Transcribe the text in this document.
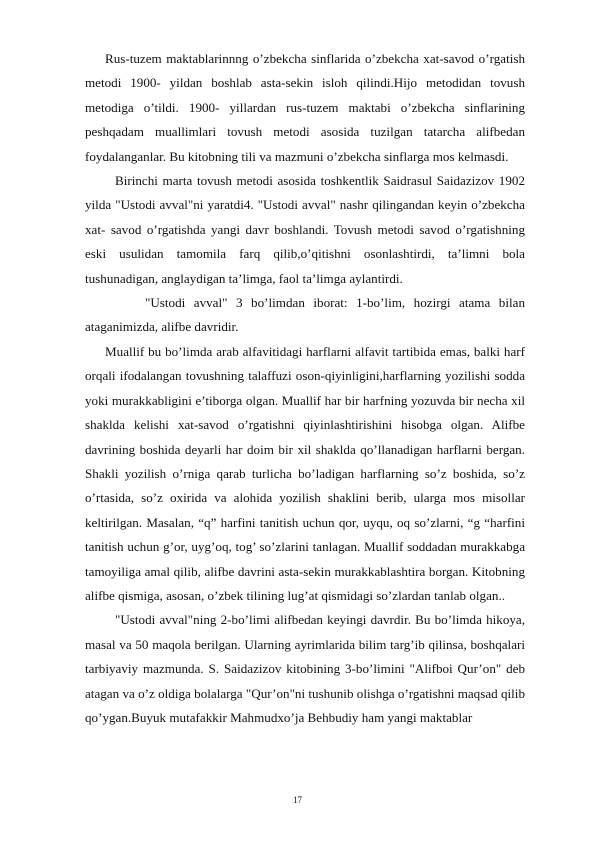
Rus-tuzem maktablarinnng o’zbekcha sinflarida o’zbekcha xat-savod o’rgatish metodi 1900- yildan boshlab asta-sekin isloh qilindi.Hijo metodidan tovush metodiga o’tildi. 1900- yillardan rus-tuzem maktabi o’zbekcha sinflarining peshqadam muallimlari tovush metodi asosida tuzilgan tatarcha alifbedan foydalanganlar. Bu kitobning tili va mazmuni o’zbekcha sinflarga mos kelmasdi.

Birinchi marta tovush metodi asosida toshkentlik Saidrasul Saidazizov 1902 yilda "Ustodi avval"ni yaratdi4. "Ustodi avval" nashr qilingandan keyin o’zbekcha xat- savod o’rgatishda yangi davr boshlandi. Tovush metodi savod o’rgatishning eski usulidan tamomila farq qilib,o’qitishni osonlashtirdi, ta’limni bola tushunadigan, anglaydigan ta’limga, faol ta’limga aylantirdi.

"Ustodi avval" 3 bo’limdan iborat: 1-bo’lim, hozirgi atama bilan ataganimizda, alifbe davridir.

Muallif bu bo’limda arab alfavitidagi harflarni alfavit tartibida emas, balki harf orqali ifodalangan tovushning talaffuzi oson-qiyinligini,harflarning yozilishi sodda yoki murakkabligini e’tiborga olgan. Muallif har bir harfning yozuvda bir necha xil shaklda kelishi xat-savod o’rgatishni qiyinlashtirishini hisobga olgan. Alifbe davrining boshida deyarli har doim bir xil shaklda qo’llanadigan harflarni bergan. Shakli yozilish o’rniga qarab turlicha bo’ladigan harflarning so’z boshida, so’z o’rtasida, so’z oxirida va alohida yozilish shaklini berib, ularga mos misollar keltirilgan. Masalan, “q” harfini tanitish uchun qor, uyqu, oq so’zlarni, “g “harfini tanitish uchun g’or, uyg’oq, tog’ so’zlarini tanlagan. Muallif soddadan murakkabga tamoyiliga amal qilib, alifbe davrini asta-sekin murakkablashtira borgan. Kitobning alifbe qismiga, asosan, o’zbek tilining lug’at qismidagi so’zlardan tanlab olgan..

"Ustodi avval"ning 2-bo’limi alifbedan keyingi davrdir. Bu bo’limda hikoya, masal va 50 maqola berilgan. Ularning ayrimlarida bilim targ’ib qilinsa, boshqalari tarbiyaviy mazmunda. S. Saidazizov kitobining 3-bo’limini "Alifboi Qur’on" deb atagan va o’z oldiga bolalarga "Qur’on"ni tushunib olishga o’rgatishni maqsad qilib qo’ygan.Buyuk mutafakkir Mahmudxo’ja Behbudiy ham yangi maktablar

17
